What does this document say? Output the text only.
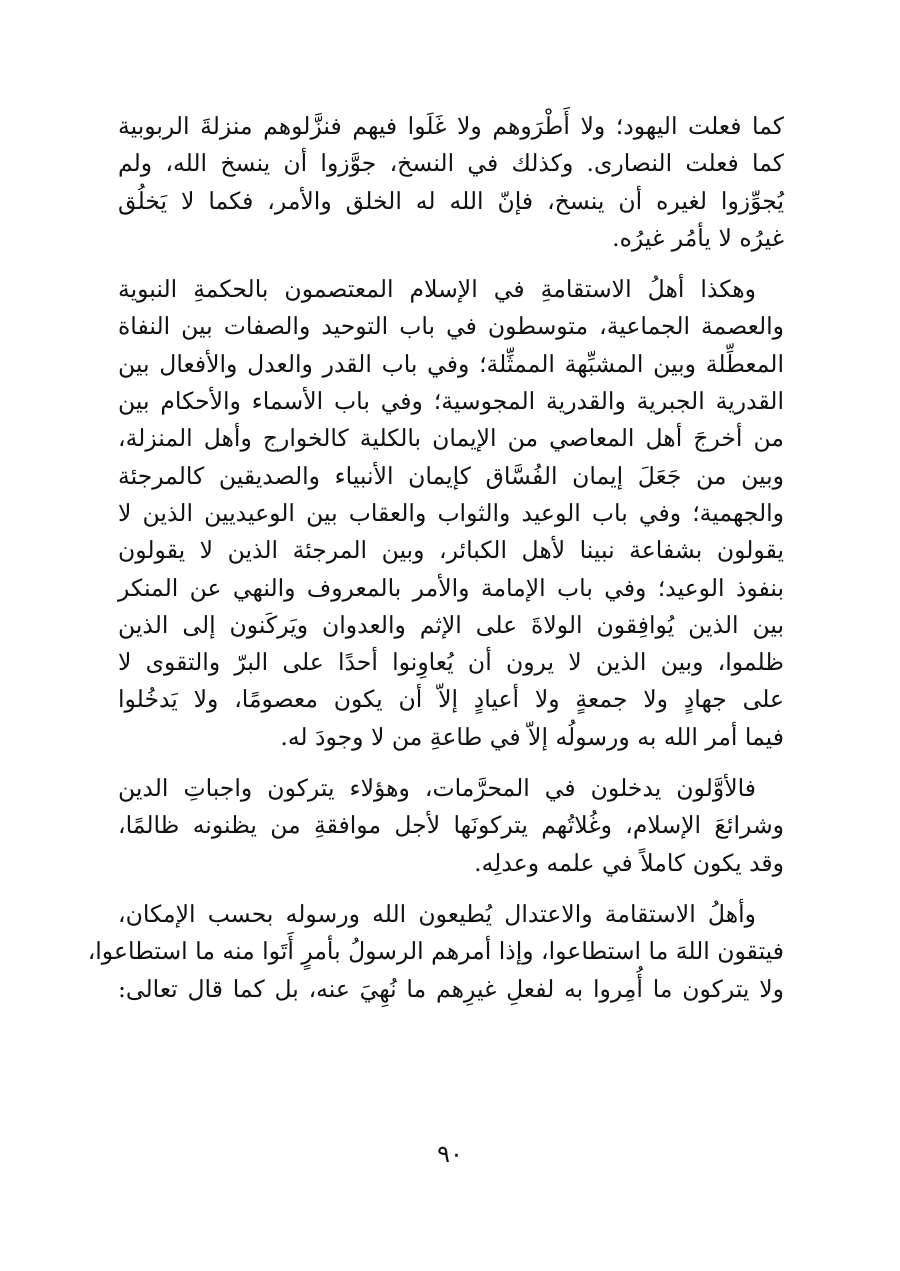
كما فعلت اليهود؛ ولا أَطْرَوهم ولا غَلَوا فيهم فنزَّلوهم منزلةَ الربوبية
كما فعلت النصارى. وكذلك في النسخ، جوَّزوا أن ينسخ الله، ولم
يُجوِّزوا لغيره أن ينسخ، فإنّ الله له الخلق والأمر، فكما لا يَخلُق
غيرُه لا يأمُر غيرُه.

وهكذا أهلُ الاستقامةِ في الإسلام المعتصمون بالحكمةِ النبوية
والعصمة الجماعية، متوسطون في باب التوحيد والصفات بين النفاة
المعطِّلة وبين المشبِّهة الممثِّلة؛ وفي باب القدر والعدل والأفعال بين
القدرية الجبرية والقدرية المجوسية؛ وفي باب الأسماء والأحكام بين
من أخرجَ أهل المعاصي من الإيمان بالكلية كالخوارج وأهل المنزلة،
وبين من جَعَلَ إيمان الفُسَّاق كإيمان الأنبياء والصديقين كالمرجئة
والجهمية؛ وفي باب الوعيد والثواب والعقاب بين الوعيديين الذين لا
يقولون بشفاعة نبينا لأهل الكبائر، وبين المرجئة الذين لا يقولون
بنفوذ الوعيد؛ وفي باب الإمامة والأمر بالمعروف والنهي عن المنكر
بين الذين يُوافِقون الولاةَ على الإثم والعدوان ويَركَنون إلى الذين
ظلموا، وبين الذين لا يرون أن يُعاوِنوا أحدًا على البرّ والتقوى لا
على جهادٍ ولا جمعةٍ ولا أعيادٍ إلاّ أن يكون معصومًا، ولا يَدخُلوا
فيما أمر الله به ورسولُه إلاّ في طاعةِ من لا وجودَ له.

فالأوَّلون يدخلون في المحرَّمات، وهؤلاء يتركون واجباتِ الدين
وشرائعَ الإسلام، وغُلاتُهم يتركونَها لأجل موافقةِ من يظنونه ظالمًا،
وقد يكون كاملاً في علمه وعدلِه.

وأهلُ الاستقامة والاعتدال يُطيعون الله ورسوله بحسب الإمكان،
فيتقون اللهَ ما استطاعوا، وإذا أمرهم الرسولُ بأمرٍ أَتَوا منه ما استطاعوا،
ولا يتركون ما أُمِروا به لفعلِ غيرِهم ما نُهِيَ عنه، بل كما قال تعالى:

٩٠
